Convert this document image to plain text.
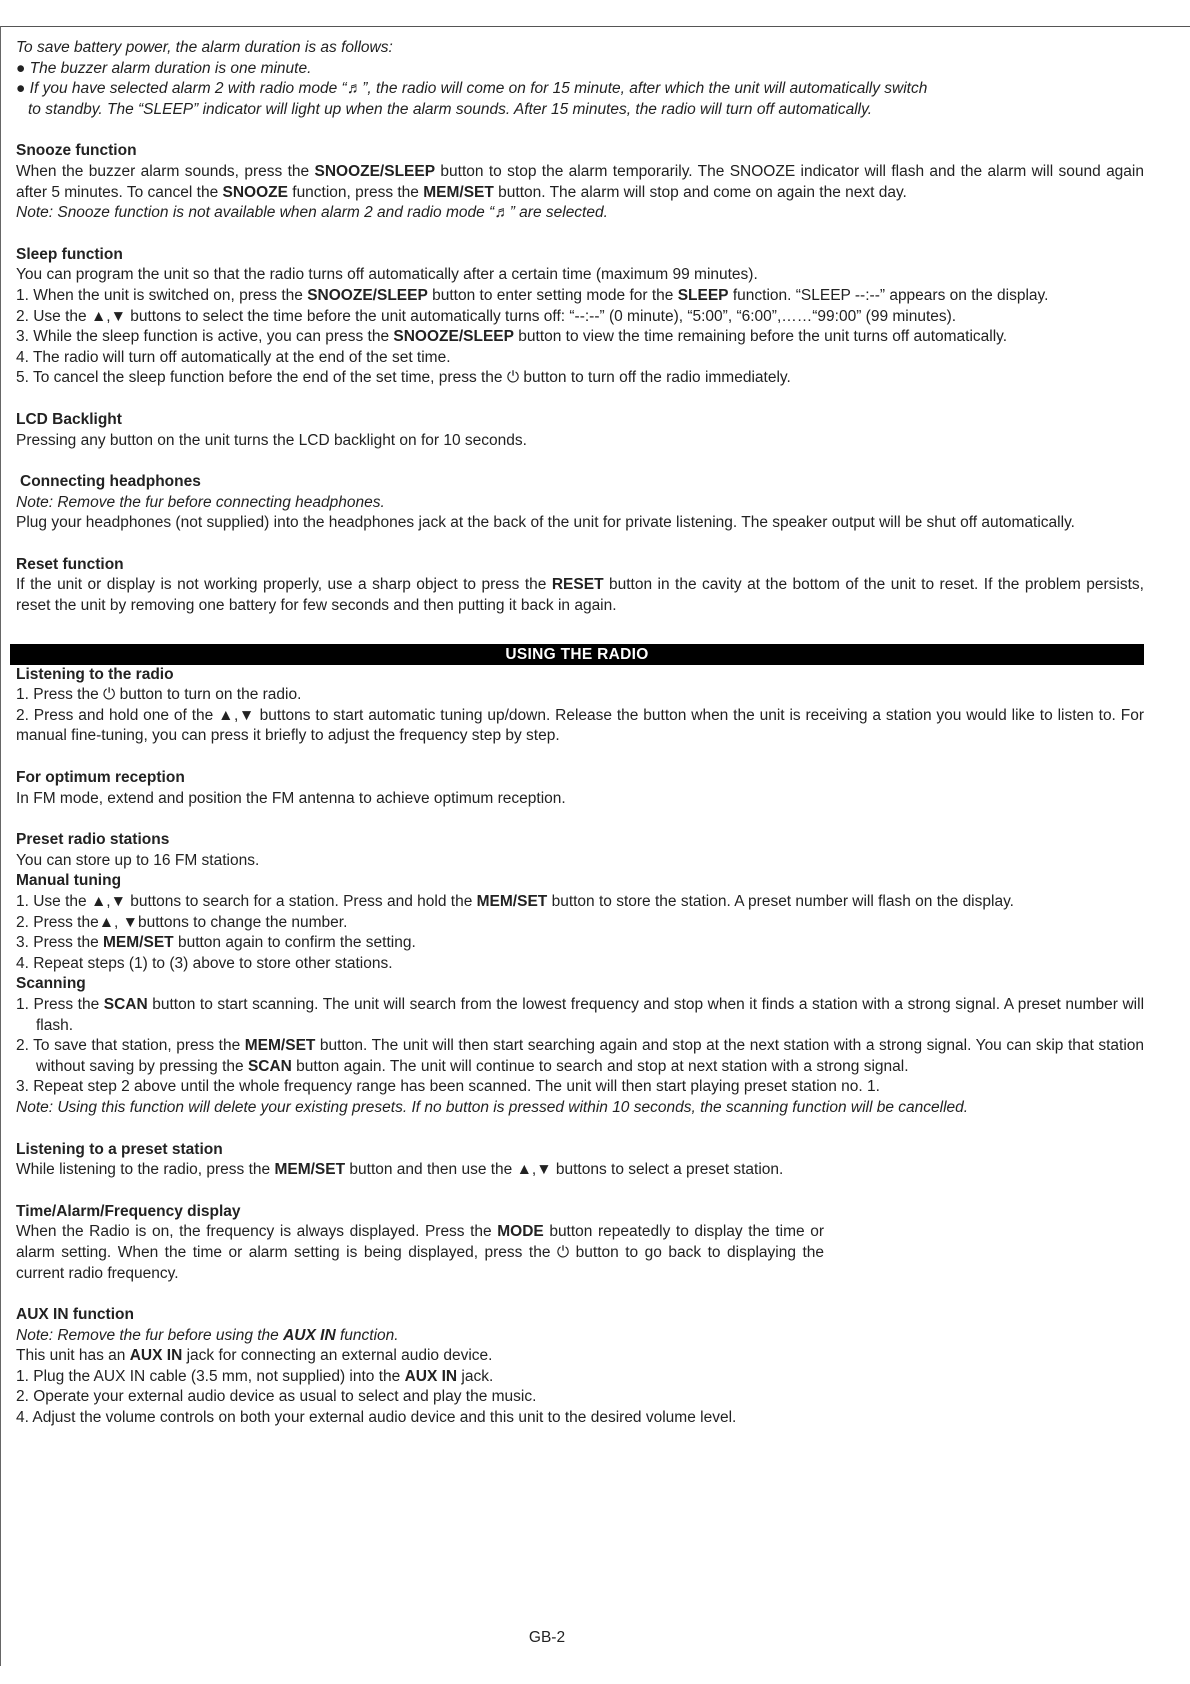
To save battery power, the alarm duration is as follows:

● The buzzer alarm duration is one minute.

● If you have selected alarm 2 with radio mode “♬”, the radio will come on for 15 minute, after which the unit will automatically switch

to standby. The “SLEEP” indicator will light up when the alarm sounds. After 15 minutes, the radio will turn off automatically.

Snooze function

When the buzzer alarm sounds, press the SNOOZE/SLEEP button to stop the alarm temporarily. The SNOOZE indicator will flash and the alarm will sound again after 5 minutes. To cancel the SNOOZE function, press the MEM/SET button. The alarm will stop and come on again the next day.

Note: Snooze function is not available when alarm 2 and radio mode “♬” are selected.

Sleep function

You can program the unit so that the radio turns off automatically after a certain time (maximum 99 minutes).

1. When the unit is switched on, press the SNOOZE/SLEEP button to enter setting mode for the SLEEP function. “SLEEP --:--” appears on the display.

2. Use the ▲,▼ buttons to select the time before the unit automatically turns off: “--:--” (0 minute), “5:00”, “6:00”,……“99:00” (99 minutes).

3. While the sleep function is active, you can press the SNOOZE/SLEEP button to view the time remaining before the unit turns off automatically.

4. The radio will turn off automatically at the end of the set time.

5. To cancel the sleep function before the end of the set time, press the ⏻ button to turn off the radio immediately.

LCD Backlight

Pressing any button on the unit turns the LCD backlight on for 10 seconds.

Connecting headphones

Note: Remove the fur before connecting headphones.

Plug your headphones (not supplied) into the headphones jack at the back of the unit for private listening. The speaker output will be shut off automatically.

Reset function

If the unit or display is not working properly, use a sharp object to press the RESET button in the cavity at the bottom of the unit to reset. If the problem persists, reset the unit by removing one battery for few seconds and then putting it back in again.

USING THE RADIO

Listening to the radio

1. Press the ⏻ button to turn on the radio.

2. Press and hold one of the ▲,▼ buttons to start automatic tuning up/down. Release the button when the unit is receiving a station you would like to listen to. For manual fine-tuning, you can press it briefly to adjust the frequency step by step.

For optimum reception

In FM mode, extend and position the FM antenna to achieve optimum reception.

Preset radio stations

You can store up to 16 FM stations.

Manual tuning

1. Use the ▲,▼ buttons to search for a station. Press and hold the MEM/SET button to store the station. A preset number will flash on the display.

2. Press the▲, ▼buttons to change the number.

3. Press the MEM/SET button again to confirm the setting.

4. Repeat steps (1) to (3) above to store other stations.

Scanning

1. Press the SCAN button to start scanning. The unit will search from the lowest frequency and stop when it finds a station with a strong signal. A preset number will flash.

2. To save that station, press the MEM/SET button. The unit will then start searching again and stop at the next station with a strong signal. You can skip that station without saving by pressing the SCAN button again. The unit will continue to search and stop at next station with a strong signal.

3. Repeat step 2 above until the whole frequency range has been scanned. The unit will then start playing preset station no. 1.

Note: Using this function will delete your existing presets. If no button is pressed within 10 seconds, the scanning function will be cancelled.

Listening to a preset station

While listening to the radio, press the MEM/SET button and then use the ▲,▼ buttons to select a preset station.

Time/Alarm/Frequency display

When the Radio is on, the frequency is always displayed. Press the MODE button repeatedly to display the time or alarm setting. When the time or alarm setting is being displayed, press the ⏻ button to go back to displaying the current radio frequency.

AUX IN function

Note: Remove the fur before using the AUX IN function.

This unit has an AUX IN jack for connecting an external audio device.

1. Plug the AUX IN cable (3.5 mm, not supplied) into the AUX IN jack.

2. Operate your external audio device as usual to select and play the music.

4. Adjust the volume controls on both your external audio device and this unit to the desired volume level.

GB-2
